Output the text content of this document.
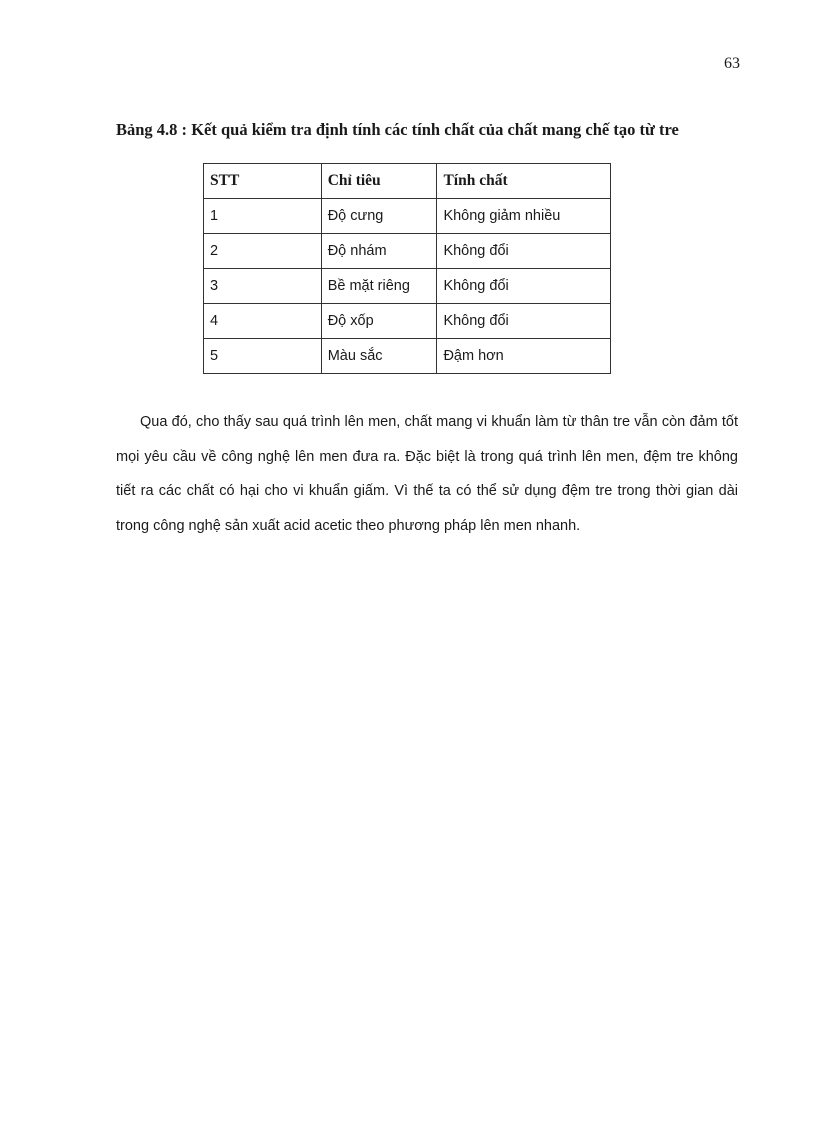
63
Bảng 4.8 : Kết quả kiểm tra định tính các tính chất của chất mang chế tạo từ tre
STT	Chỉ tiêu	Tính chất
1	Độ cưng	Không giảm nhiều
2	Độ nhám	Không đổi
3	Bề mặt riêng	Không đổi
4	Độ xốp	Không đổi
5	Màu sắc	Đậm hơn

Qua đó, cho thấy sau quá trình lên men, chất mang vi khuẩn làm từ thân tre vẫn còn đảm tốt mọi yêu cầu về công nghệ lên men đưa ra. Đặc biệt là trong quá trình lên men, đệm tre không tiết ra các chất có hại cho vi khuẩn giấm. Vì thế ta có thể sử dụng đệm tre trong thời gian dài trong công nghệ sản xuất acid acetic theo phương pháp lên men nhanh.
